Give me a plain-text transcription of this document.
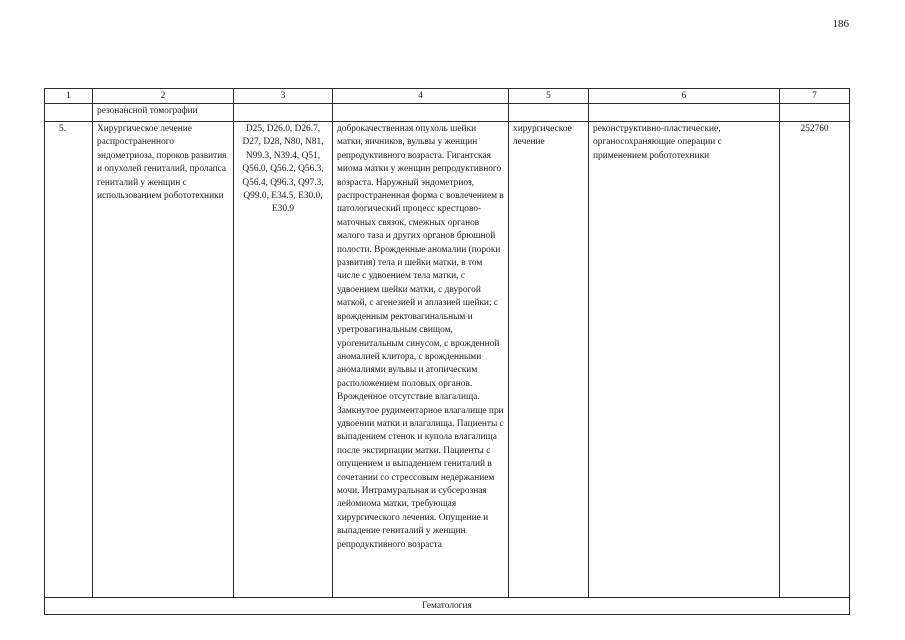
186
1	2	3	4	5	6	7
	резонансной томографии					
5.	Хирургическое лечение распространенного эндометриоза, пороков развития и опухолей гениталий, пролапса гениталий у женщин с использованием робототехники	D25, D26.0, D26.7, D27, D28, N80, N81, N99.3, N39.4, Q51, Q56.0, Q56.2, Q56.3, Q56.4, Q96.3, Q97.3, Q99.0, E34.5, E30.0, E30.9	доброкачественная опухоль шейки матки, яичников, вульвы у женщин репродуктивного возраста. Гигантская миома матки у женщин репродуктивного возраста. Наружный эндометриоз, распространенная форма с вовлечением в патологический процесс крестцово-маточных связок, смежных органов малого таза и других органов брюшной полости. Врожденные аномалии (пороки развития) тела и шейки матки, в том числе с удвоением тела матки, с удвоением шейки матки, с двурогой маткой, с агенезией и аплазией шейки; с врожденным ректовагинальным и уретровагинальным свищом, урогенитальным синусом, с врожденной аномалией клитора, с врожденными аномалиями вульвы и атопическим расположением половых органов. Врожденное отсутствие влагалища. Замкнутое рудиментарное влагалище при удвоении матки и влагалища. Пациенты с выпадением стенок и купола влагалища после экстирпации матки. Пациенты с опущением и выпадением гениталий в сочетании со стрессовым недержанием мочи. Интрамуральная и субсерозная лейомиома матки, требующая хирургического лечения. Опущение и выпадение гениталий у женщин репродуктивного возраста	хирургическое лечение	реконструктивно-пластические, органосохраняющие операции с применением робототехники	252760
Гематология						
